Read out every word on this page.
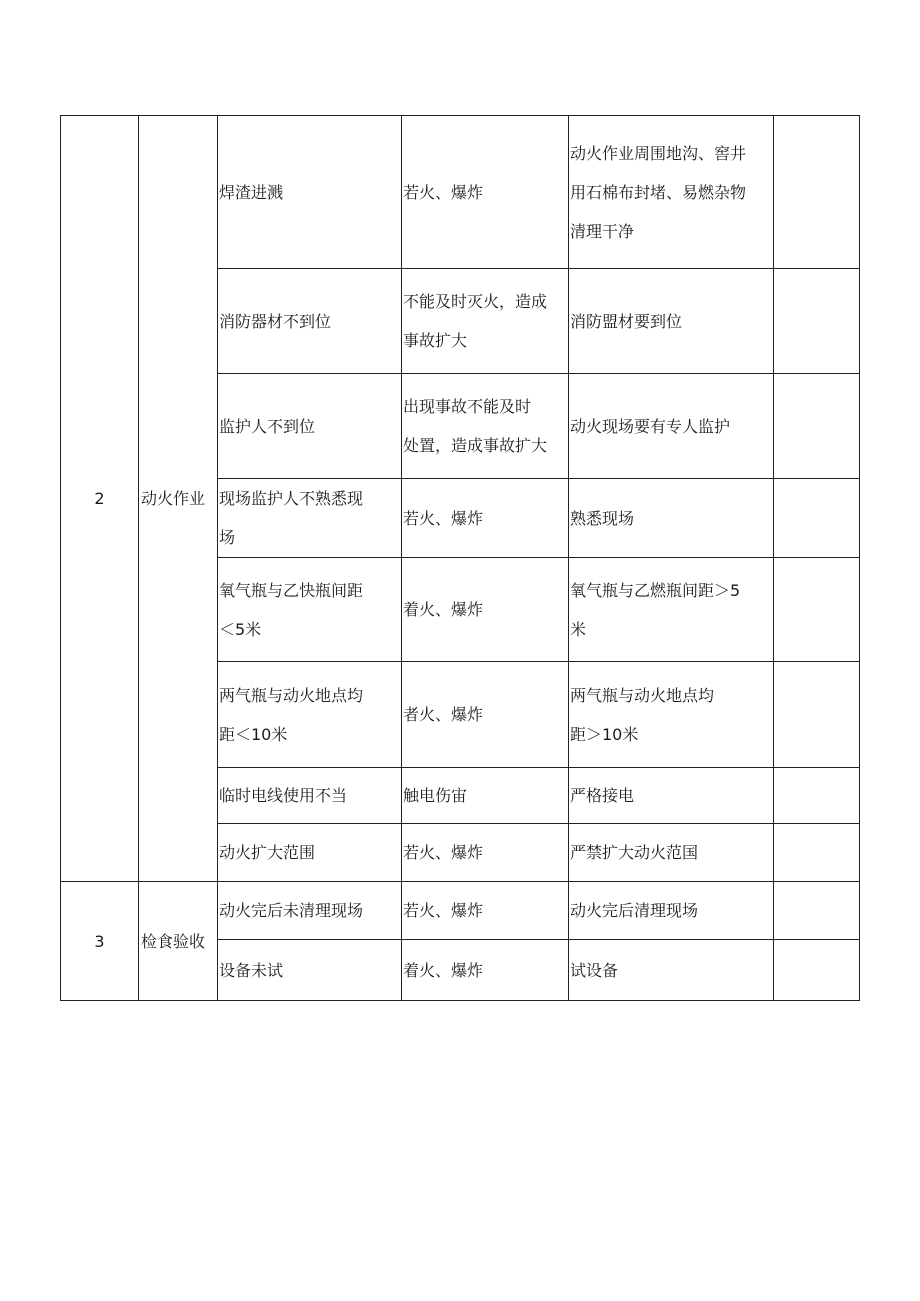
2	动火作业	焊渣进溅	若火、爆炸	动火作业周围地沟、窖井
用石棉布封堵、易燃杂物
清理干净	
		消防器材不到位	不能及时灭火，造成
事故扩大	消防盟材要到位	
		监护人不到位	出现事故不能及时
处置，造成事故扩大	动火现场要有专人监护	
		现场监护人不熟悉现
场	若火、爆炸	熟悉现场	
		氧气瓶与乙快瓶间距
＜5米	着火、爆炸	氧气瓶与乙燃瓶间距＞5
米	
		两气瓶与动火地点均
距＜10米	者火、爆炸	两气瓶与动火地点均
距＞10米	
		临时电线使用不当	触电伤宙	严格接电	
		动火扩大范围	若火、爆炸	严禁扩大动火范国	
3	检食验收	动火完后未清理现场	若火、爆炸	动火完后清理现场	
		设备未试	着火、爆炸	试设备	
